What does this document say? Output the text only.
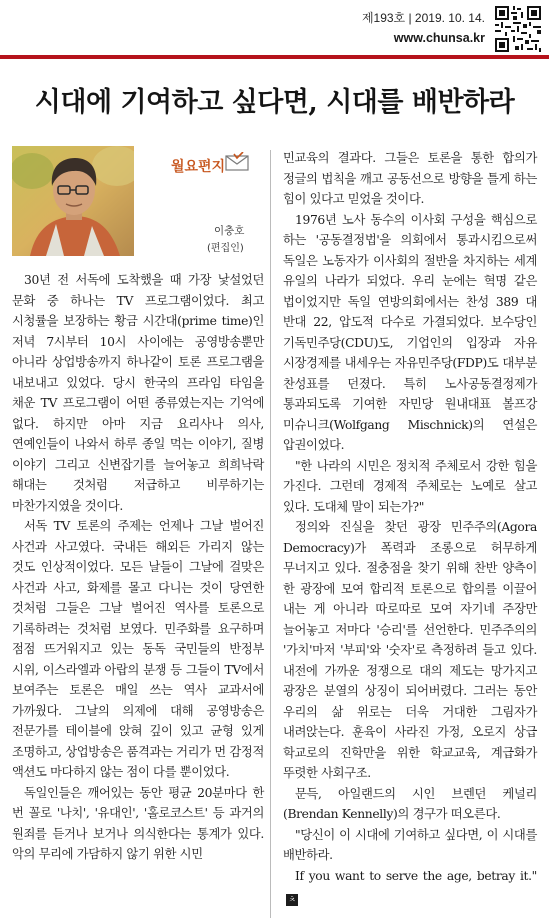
제193호 | 2019. 10. 14.
www.chunsa.kr
시대에 기여하고 싶다면, 시대를 배반하라
월요편지
이충호
(편집인)

30년 전 서독에 도착했을 때 가장 낯설었던 문화 중 하나는 TV 프로그램이었다. 최고 시청률을 보장하는 황금 시간대(prime time)인 저녁 7시부터 10시 사이에는 공영방송뿐만 아니라 상업방송까지 하나같이 토론 프로그램을 내보내고 있었다. 당시 한국의 프라임 타임을 채운 TV 프로그램이 어떤 종류였는지는 기억에 없다. 하지만 아마 지금 요리사나 의사, 연예인들이 나와서 하루 종일 먹는 이야기, 질병 이야기 그리고 신변잡기를 늘어놓고 희희낙락 해대는 것처럼 저급하고 비루하기는 마찬가지였을 것이다.

서독 TV 토론의 주제는 언제나 그날 벌어진 사건과 사고였다. 국내든 해외든 가리지 않는 것도 인상적이었다. 모든 날들이 그날에 걸맞은 사건과 사고, 화제를 몰고 다니는 것이 당연한 것처럼 그들은 그날 벌어진 역사를 토론으로 기록하려는 것처럼 보였다. 민주화를 요구하며 점점 뜨거워지고 있는 동독 국민들의 반정부 시위, 이스라엘과 아랍의 분쟁 등 그들이 TV에서 보여주는 토론은 매일 쓰는 역사 교과서에 가까웠다. 그날의 의제에 대해 공영방송은 전문가를 테이블에 앉혀 깊이 있고 균형 있게 조명하고, 상업방송은 품격과는 거리가 먼 감정적 액션도 마다하지 않는 점이 다를 뿐이었다.

독일인들은 깨어있는 동안 평균 20분마다 한 번 꼴로 '나치', '유대인', '홀로코스트' 등 과거의 원죄를 듣거나 보거나 의식한다는 통계가 있다. 악의 무리에 가담하지 않기 위한 시민

민교육의 결과다. 그들은 토론을 통한 합의가 정글의 법칙을 깨고 공동선으로 방향을 틀게 하는 힘이 있다고 믿었을 것이다.

1976년 노사 동수의 이사회 구성을 핵심으로 하는 '공동결정법'을 의회에서 통과시킴으로써 독일은 노동자가 이사회의 절반을 차지하는 세계 유일의 나라가 되었다. 우리 눈에는 혁명 같은 법이었지만 독일 연방의회에서는 찬성 389 대 반대 22, 압도적 다수로 가결되었다. 보수당인 기독민주당(CDU)도, 기업인의 입장과 자유 시장경제를 내세우는 자유민주당(FDP)도 대부분 찬성표를 던졌다. 특히 노사공동결정제가 통과되도록 기여한 자민당 원내대표 볼프강 미슈니크(Wolfgang Mischnick)의 연설은 압권이었다.

"한 나라의 시민은 정치적 주체로서 강한 힘을 가진다. 그런데 경제적 주체로는 노예로 살고 있다. 도대체 말이 되는가?"

정의와 진실을 찾던 광장 민주주의(Agora Democracy)가 폭력과 조롱으로 허무하게 무너지고 있다. 절충점을 찾기 위해 찬반 양측이 한 광장에 모여 합리적 토론으로 합의를 이끌어 내는 게 아니라 따로따로 모여 자기네 주장만 늘어놓고 저마다 '승리'를 선언한다. 민주주의의 '가치'마저 '부피'와 '숫자'로 측정하려 들고 있다. 내전에 가까운 정쟁으로 대의 제도는 망가지고 광장은 분열의 상징이 되어버렸다. 그러는 동안 우리의 삶 위로는 더욱 거대한 그림자가 내려앉는다. 훈육이 사라진 가정, 오로지 상급 학교로의 진학만을 위한 학교교육, 계급화가 뚜렷한 사회구조.

문득, 아일랜드의 시인 브렌던 케널리(Brendan Kennelly)의 경구가 떠오른다.

"당신이 이 시대에 기여하고 싶다면, 이 시대를 배반하라.

If you want to serve the age, betray it."ㅊ
